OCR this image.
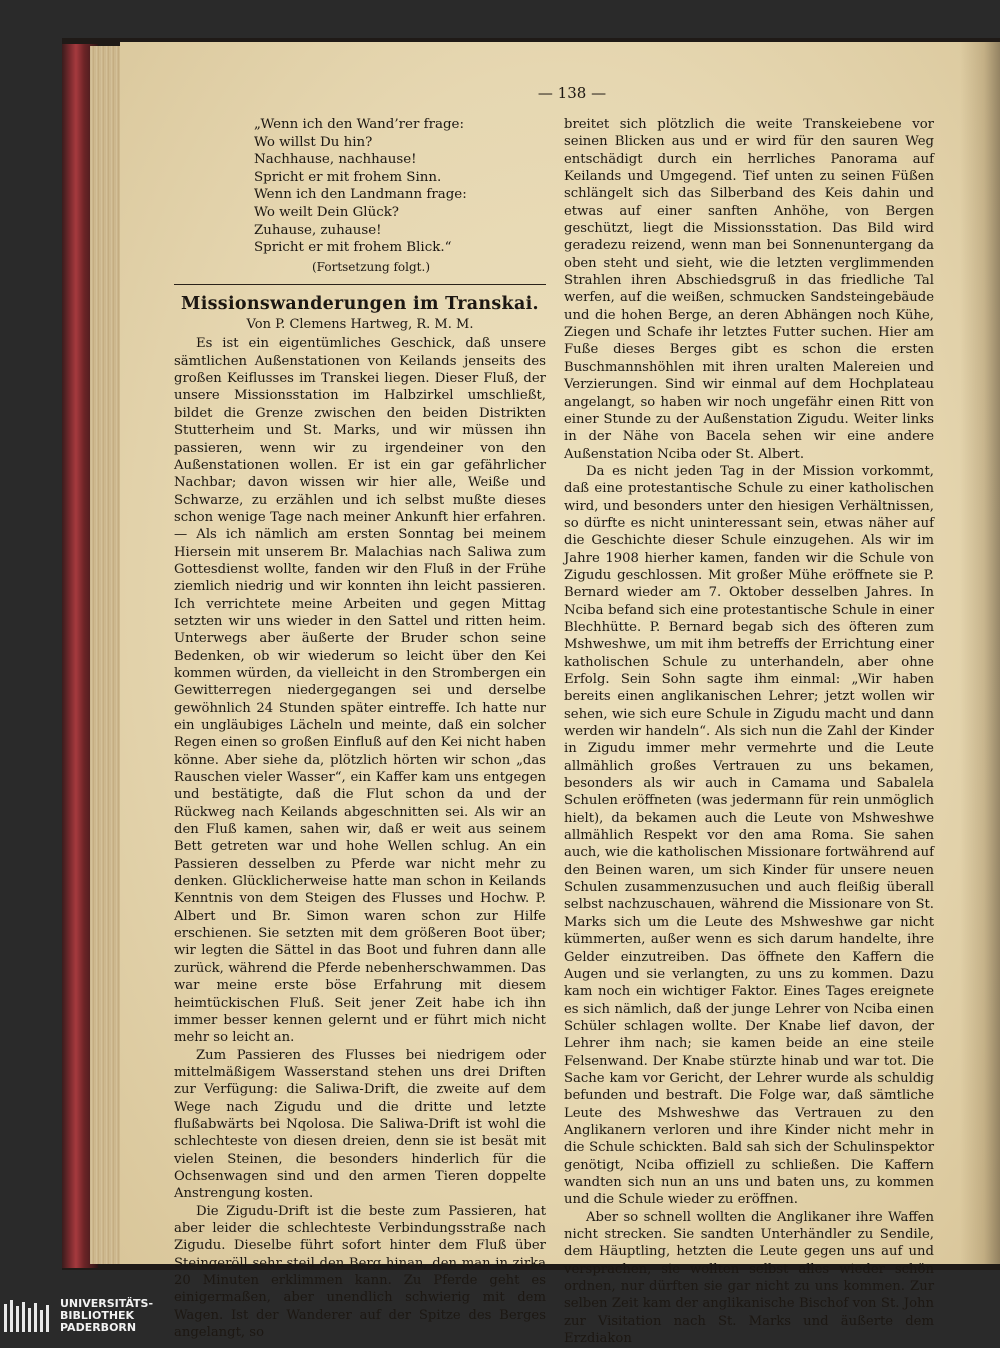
— 138 —
„Wenn ich den Wand’rer frage:
Wo willst Du hin?
Nachhause, nachhause!
Spricht er mit frohem Sinn.
Wenn ich den Landmann frage:
Wo weilt Dein Glück?
Zuhause, zuhause!
Spricht er mit frohem Blick.“
(Fortsetzung folgt.)
Missionswanderungen im Transkai.
Von P. Clemens Hartweg, R. M. M.

Es ist ein eigentümliches Geschick, daß unsere sämtlichen Außenstationen von Keilands jenseits des großen Keiflusses im Transkei liegen. Dieser Fluß, der unsere Missionsstation im Halbzirkel umschließt, bildet die Grenze zwischen den beiden Distrikten Stutterheim und St. Marks, und wir müssen ihn passieren, wenn wir zu irgendeiner von den Außenstationen wollen. Er ist ein gar gefährlicher Nachbar; davon wissen wir hier alle, Weiße und Schwarze, zu erzählen und ich selbst mußte dieses schon wenige Tage nach meiner Ankunft hier erfahren. — Als ich nämlich am ersten Sonntag bei meinem Hiersein mit unserem Br. Malachias nach Saliwa zum Gottesdienst wollte, fanden wir den Fluß in der Frühe ziemlich niedrig und wir konnten ihn leicht passieren. Ich verrichtete meine Arbeiten und gegen Mittag setzten wir uns wieder in den Sattel und ritten heim. Unterwegs aber äußerte der Bruder schon seine Bedenken, ob wir wiederum so leicht über den Kei kommen würden, da vielleicht in den Strombergen ein Gewitterregen niedergegangen sei und derselbe gewöhnlich 24 Stunden später eintreffe. Ich hatte nur ein ungläubiges Lächeln und meinte, daß ein solcher Regen einen so großen Einfluß auf den Kei nicht haben könne. Aber siehe da, plötzlich hörten wir schon „das Rauschen vieler Wasser“, ein Kaffer kam uns entgegen und bestätigte, daß die Flut schon da und der Rückweg nach Keilands abgeschnitten sei. Als wir an den Fluß kamen, sahen wir, daß er weit aus seinem Bett getreten war und hohe Wellen schlug. An ein Passieren desselben zu Pferde war nicht mehr zu denken. Glücklicherweise hatte man schon in Keilands Kenntnis von dem Steigen des Flusses und Hochw. P. Albert und Br. Simon waren schon zur Hilfe erschienen. Sie setzten mit dem größeren Boot über; wir legten die Sättel in das Boot und fuhren dann alle zurück, während die Pferde nebenherschwammen. Das war meine erste böse Erfahrung mit diesem heimtückischen Fluß. Seit jener Zeit habe ich ihn immer besser kennen gelernt und er führt mich nicht mehr so leicht an.

Zum Passieren des Flusses bei niedrigem oder mittelmäßigem Wasserstand stehen uns drei Driften zur Verfügung: die Saliwa-Drift, die zweite auf dem Wege nach Zigudu und die dritte und letzte flußabwärts bei Nqolosa. Die Saliwa-Drift ist wohl die schlechteste von diesen dreien, denn sie ist besät mit vielen Steinen, die besonders hinderlich für die Ochsenwagen sind und den armen Tieren doppelte Anstrengung kosten.

Die Zigudu-Drift ist die beste zum Passieren, hat aber leider die schlechteste Verbindungsstraße nach Zigudu. Dieselbe führt sofort hinter dem Fluß über Steingeröll sehr steil den Berg hinan, den man in zirka 20 Minuten erklimmen kann. Zu Pferde geht es einigermaßen, aber unendlich schwierig mit dem Wagen. Ist der Wanderer auf der Spitze des Berges angelangt, so

breitet sich plötzlich die weite Transkeiebene vor seinen Blicken aus und er wird für den sauren Weg entschädigt durch ein herrliches Panorama auf Keilands und Umgegend. Tief unten zu seinen Füßen schlängelt sich das Silberband des Keis dahin und etwas auf einer sanften Anhöhe, von Bergen geschützt, liegt die Missionsstation. Das Bild wird geradezu reizend, wenn man bei Sonnenuntergang da oben steht und sieht, wie die letzten verglimmenden Strahlen ihren Abschiedsgruß in das friedliche Tal werfen, auf die weißen, schmucken Sandsteingebäude und die hohen Berge, an deren Abhängen noch Kühe, Ziegen und Schafe ihr letztes Futter suchen. Hier am Fuße dieses Berges gibt es schon die ersten Buschmannshöhlen mit ihren uralten Malereien und Verzierungen. Sind wir einmal auf dem Hochplateau angelangt, so haben wir noch ungefähr einen Ritt von einer Stunde zu der Außenstation Zigudu. Weiter links in der Nähe von Bacela sehen wir eine andere Außenstation Nciba oder St. Albert.

Da es nicht jeden Tag in der Mission vorkommt, daß eine protestantische Schule zu einer katholischen wird, und besonders unter den hiesigen Verhältnissen, so dürfte es nicht uninteressant sein, etwas näher auf die Geschichte dieser Schule einzugehen. Als wir im Jahre 1908 hierher kamen, fanden wir die Schule von Zigudu geschlossen. Mit großer Mühe eröffnete sie P. Bernard wieder am 7. Oktober desselben Jahres. In Nciba befand sich eine protestantische Schule in einer Blechhütte. P. Bernard begab sich des öfteren zum Mshweshwe, um mit ihm betreffs der Errichtung einer katholischen Schule zu unterhandeln, aber ohne Erfolg. Sein Sohn sagte ihm einmal: „Wir haben bereits einen anglikanischen Lehrer; jetzt wollen wir sehen, wie sich eure Schule in Zigudu macht und dann werden wir handeln“. Als sich nun die Zahl der Kinder in Zigudu immer mehr vermehrte und die Leute allmählich großes Vertrauen zu uns bekamen, besonders als wir auch in Camama und Sabalela Schulen eröffneten (was jedermann für rein unmöglich hielt), da bekamen auch die Leute von Mshweshwe allmählich Respekt vor den ama Roma. Sie sahen auch, wie die katholischen Missionare fortwährend auf den Beinen waren, um sich Kinder für unsere neuen Schulen zusammenzusuchen und auch fleißig überall selbst nachzuschauen, während die Missionare von St. Marks sich um die Leute des Mshweshwe gar nicht kümmerten, außer wenn es sich darum handelte, ihre Gelder einzutreiben. Das öffnete den Kaffern die Augen und sie verlangten, zu uns zu kommen. Dazu kam noch ein wichtiger Faktor. Eines Tages ereignete es sich nämlich, daß der junge Lehrer von Nciba einen Schüler schlagen wollte. Der Knabe lief davon, der Lehrer ihm nach; sie kamen beide an eine steile Felsenwand. Der Knabe stürzte hinab und war tot. Die Sache kam vor Gericht, der Lehrer wurde als schuldig befunden und bestraft. Die Folge war, daß sämtliche Leute des Mshweshwe das Vertrauen zu den Anglikanern verloren und ihre Kinder nicht mehr in die Schule schickten. Bald sah sich der Schulinspektor genötigt, Nciba offiziell zu schließen. Die Kaffern wandten sich nun an uns und baten uns, zu kommen und die Schule wieder zu eröffnen.

Aber so schnell wollten die Anglikaner ihre Waffen nicht strecken. Sie sandten Unterhändler zu Sendile, dem Häuptling, hetzten die Leute gegen uns auf und versprachen, sie wollten selbst alles wieder schön ordnen, nur dürften sie gar nicht zu uns kommen. Zur selben Zeit kam der anglikanische Bischof von St. John zur Visitation nach St. Marks und äußerte dem Erzdiakon

UNIVERSITÄTS-
BIBLIOTHEK
PADERBORN
